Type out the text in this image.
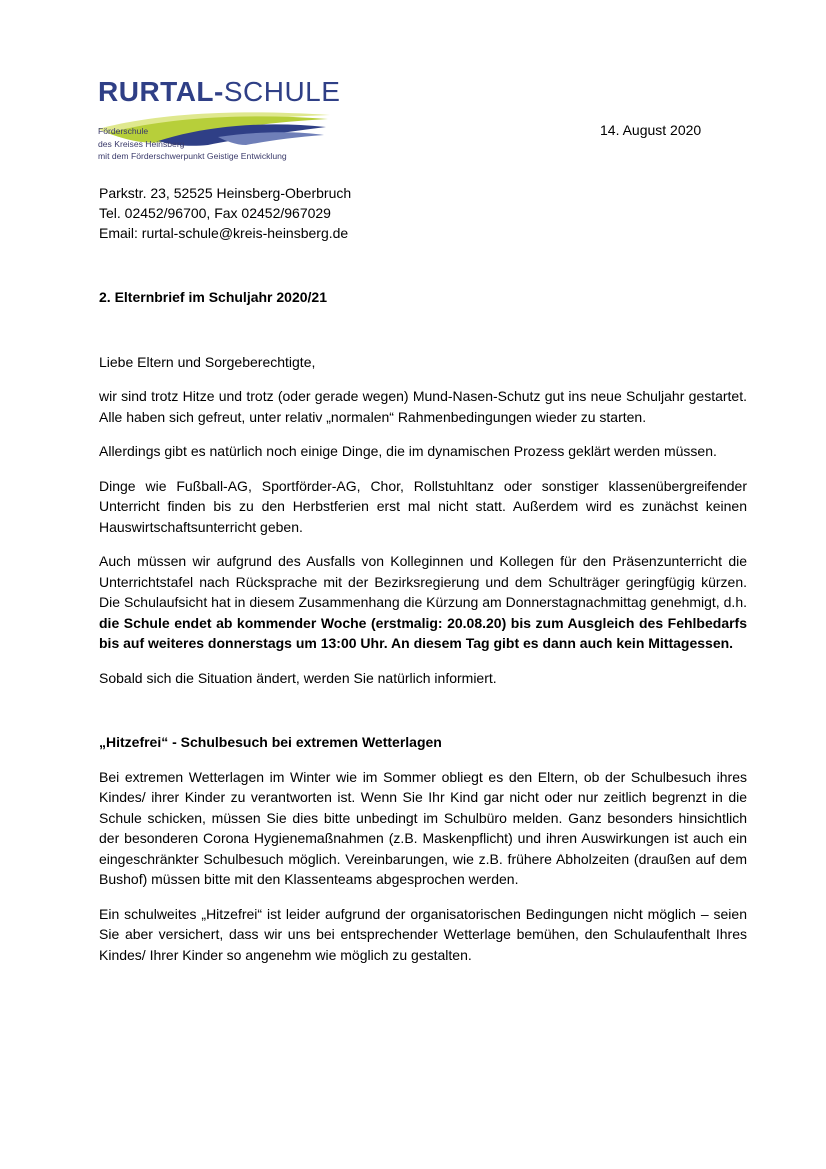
RURTAL-SCHULE
Förderschule
des Kreises Heinsberg
mit dem Förderschwerpunkt Geistige Entwicklung
14. August 2020
Parkstr. 23, 52525 Heinsberg-Oberbruch
Tel. 02452/96700, Fax 02452/967029
Email: rurtal-schule@kreis-heinsberg.de

2. Elternbrief im Schuljahr 2020/21

Liebe Eltern und Sorgeberechtigte,

wir sind trotz Hitze und trotz (oder gerade wegen) Mund-Nasen-Schutz gut ins neue Schuljahr gestartet. Alle haben sich gefreut, unter relativ „normalen“ Rahmenbedingungen wieder zu starten.

Allerdings gibt es natürlich noch einige Dinge, die im dynamischen Prozess geklärt werden müssen.

Dinge wie Fußball-AG, Sportförder-AG, Chor, Rollstuhltanz oder sonstiger klassenübergreifender Unterricht finden bis zu den Herbstferien erst mal nicht statt. Außerdem wird es zunächst keinen Hauswirtschaftsunterricht geben.

Auch müssen wir aufgrund des Ausfalls von Kolleginnen und Kollegen für den Präsenzunterricht die Unterrichtstafel nach Rücksprache mit der Bezirksregierung und dem Schulträger geringfügig kürzen. Die Schulaufsicht hat in diesem Zusammenhang die Kürzung am Donnerstagnachmittag genehmigt, d.h. die Schule endet ab kommender Woche (erstmalig: 20.08.20) bis zum Ausgleich des Fehlbedarfs bis auf weiteres donnerstags um 13:00 Uhr. An diesem Tag gibt es dann auch kein Mittagessen.

Sobald sich die Situation ändert, werden Sie natürlich informiert.

„Hitzefrei“ - Schulbesuch bei extremen Wetterlagen

Bei extremen Wetterlagen im Winter wie im Sommer obliegt es den Eltern, ob der Schulbesuch ihres Kindes/ ihrer Kinder zu verantworten ist. Wenn Sie Ihr Kind gar nicht oder nur zeitlich begrenzt in die Schule schicken, müssen Sie dies bitte unbedingt im Schulbüro melden. Ganz besonders hinsichtlich der besonderen Corona Hygienemaßnahmen (z.B. Maskenpflicht) und ihren Auswirkungen ist auch ein eingeschränkter Schulbesuch möglich. Vereinbarungen, wie z.B. frühere Abholzeiten (draußen auf dem Bushof) müssen bitte mit den Klassenteams abgesprochen werden.

Ein schulweites „Hitzefrei“ ist leider aufgrund der organisatorischen Bedingungen nicht möglich – seien Sie aber versichert, dass wir uns bei entsprechender Wetterlage bemühen, den Schulaufenthalt Ihres Kindes/ Ihrer Kinder so angenehm wie möglich zu gestalten.
